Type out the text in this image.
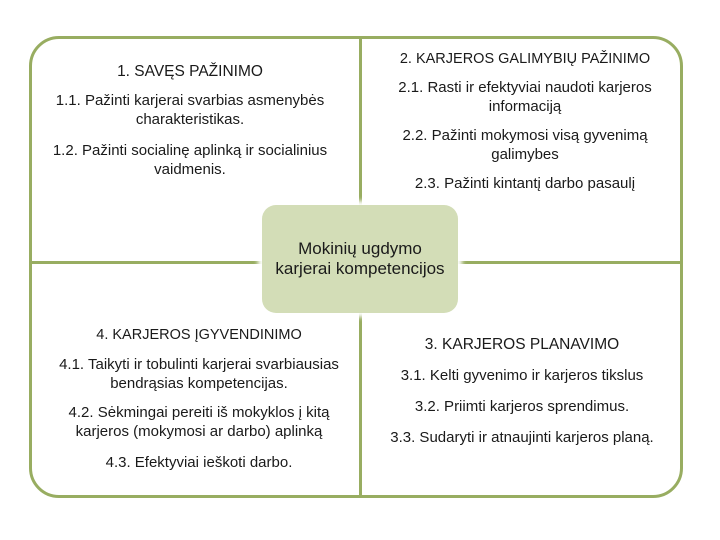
1. SAVĘS PAŽINIMO

1.1. Pažinti karjerai svarbias asmenybės charakteristikas.

1.2. Pažinti socialinę aplinką ir socialinius vaidmenis.

2. KARJEROS GALIMYBIŲ PAŽINIMO

2.1. Rasti ir efektyviai naudoti karjeros informaciją

2.2. Pažinti mokymosi visą gyvenimą galimybes

2.3. Pažinti kintantį darbo pasaulį

4. KARJEROS ĮGYVENDINIMO

4.1. Taikyti ir tobulinti karjerai svarbiausias bendrąsias kompetencijas.

4.2. Sėkmingai pereiti iš mokyklos į kitą karjeros (mokymosi ar darbo) aplinką

4.3. Efektyviai ieškoti darbo.

3. KARJEROS PLANAVIMO

3.1. Kelti gyvenimo ir karjeros tikslus

3.2. Priimti karjeros sprendimus.

3.3. Sudaryti ir atnaujinti karjeros planą.

Mokinių ugdymo karjerai kompetencijos
